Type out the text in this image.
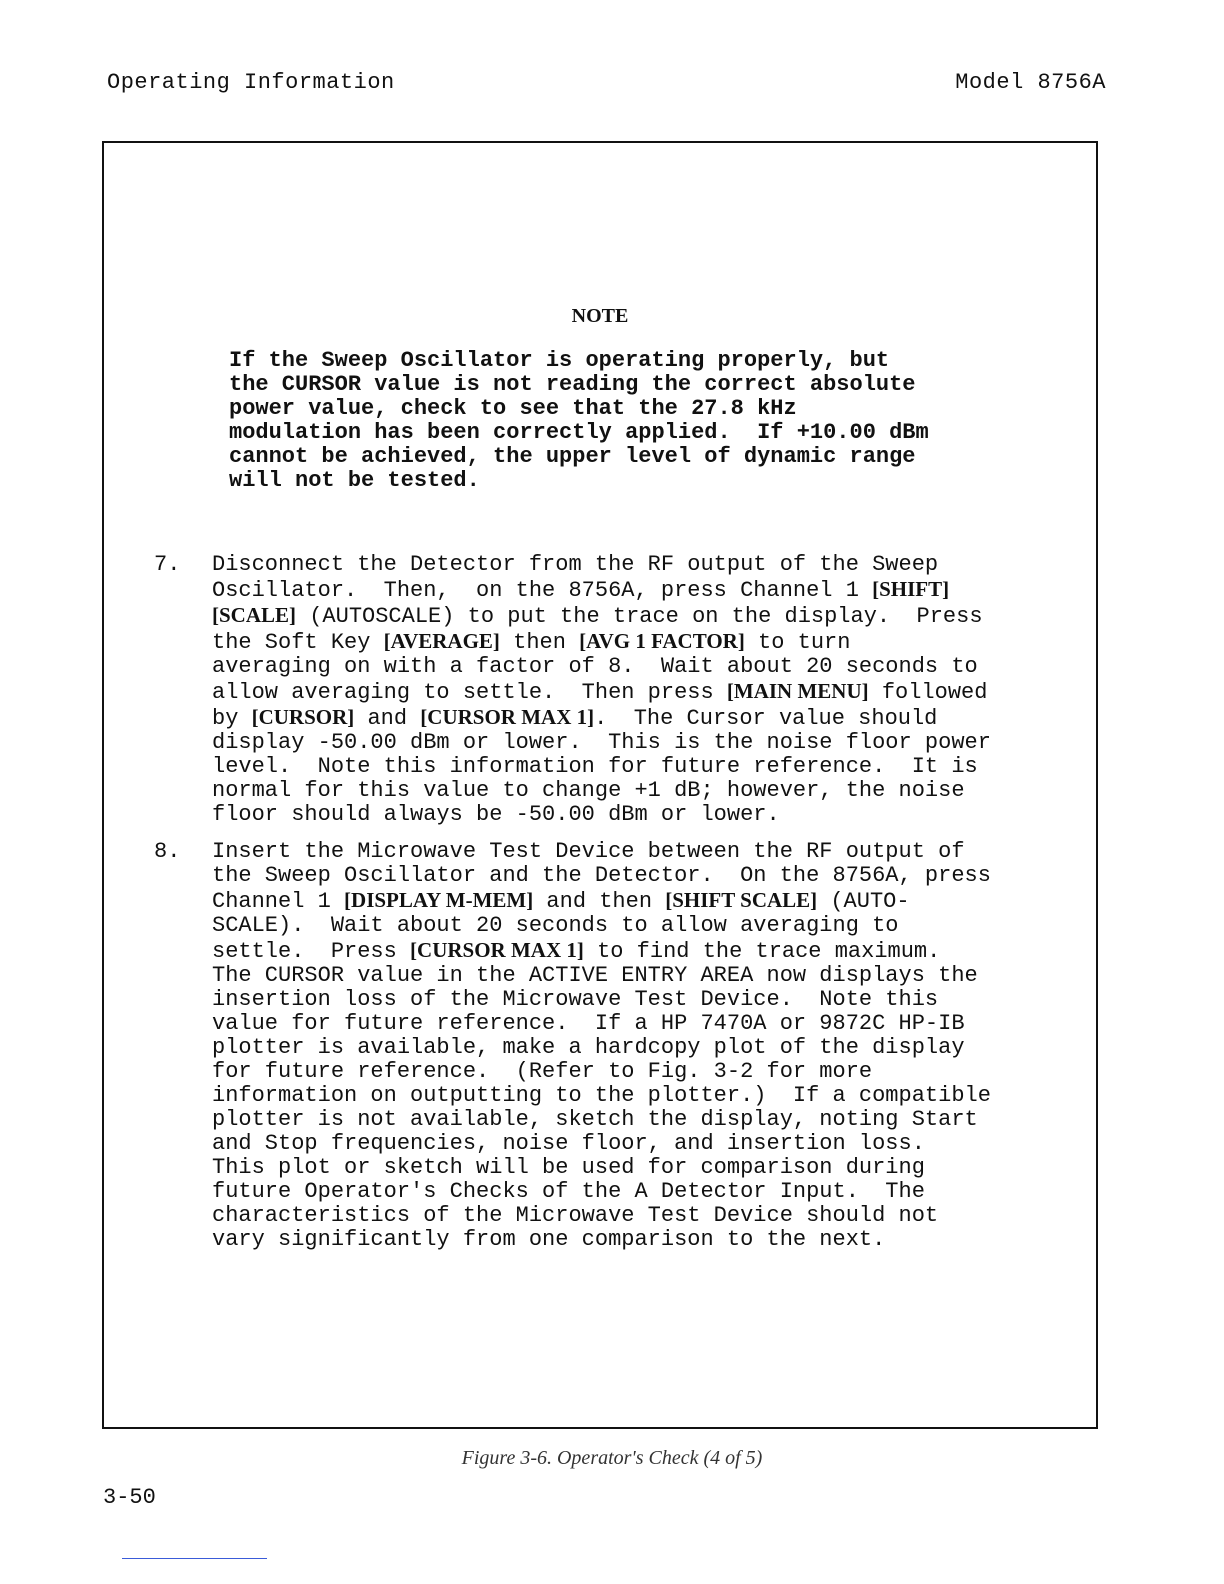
Operating Information	Model 8756A
NOTE
If the Sweep Oscillator is operating properly, but
the CURSOR value is not reading the correct absolute
power value, check to see that the 27.8 kHz
modulation has been correctly applied.  If +10.00 dBm
cannot be achieved, the upper level of dynamic range
will not be tested.
7. Disconnect the Detector from the RF output of the Sweep
Oscillator.  Then,  on the 8756A, press Channel 1 [SHIFT]
[SCALE] (AUTOSCALE) to put the trace on the display.  Press
the Soft Key [AVERAGE] then [AVG 1 FACTOR] to turn
averaging on with a factor of 8.  Wait about 20 seconds to
allow averaging to settle.  Then press [MAIN MENU] followed
by [CURSOR] and [CURSOR MAX 1].  The Cursor value should
display -50.00 dBm or lower.  This is the noise floor power
level.  Note this information for future reference.  It is
normal for this value to change +1 dB; however, the noise
floor should always be -50.00 dBm or lower.
8. Insert the Microwave Test Device between the RF output of
the Sweep Oscillator and the Detector.  On the 8756A, press
Channel 1 [DISPLAY M-MEM] and then [SHIFT SCALE] (AUTO-
SCALE).  Wait about 20 seconds to allow averaging to
settle.  Press [CURSOR MAX 1] to find the trace maximum.
The CURSOR value in the ACTIVE ENTRY AREA now displays the
insertion loss of the Microwave Test Device.  Note this
value for future reference.  If a HP 7470A or 9872C HP-IB
plotter is available, make a hardcopy plot of the display
for future reference.  (Refer to Fig. 3-2 for more
information on outputting to the plotter.)  If a compatible
plotter is not available, sketch the display, noting Start
and Stop frequencies, noise floor, and insertion loss.
This plot or sketch will be used for comparison during
future Operator's Checks of the A Detector Input.  The
characteristics of the Microwave Test Device should not
vary significantly from one comparison to the next.
Figure 3-6. Operator's Check (4 of 5)
3-50
